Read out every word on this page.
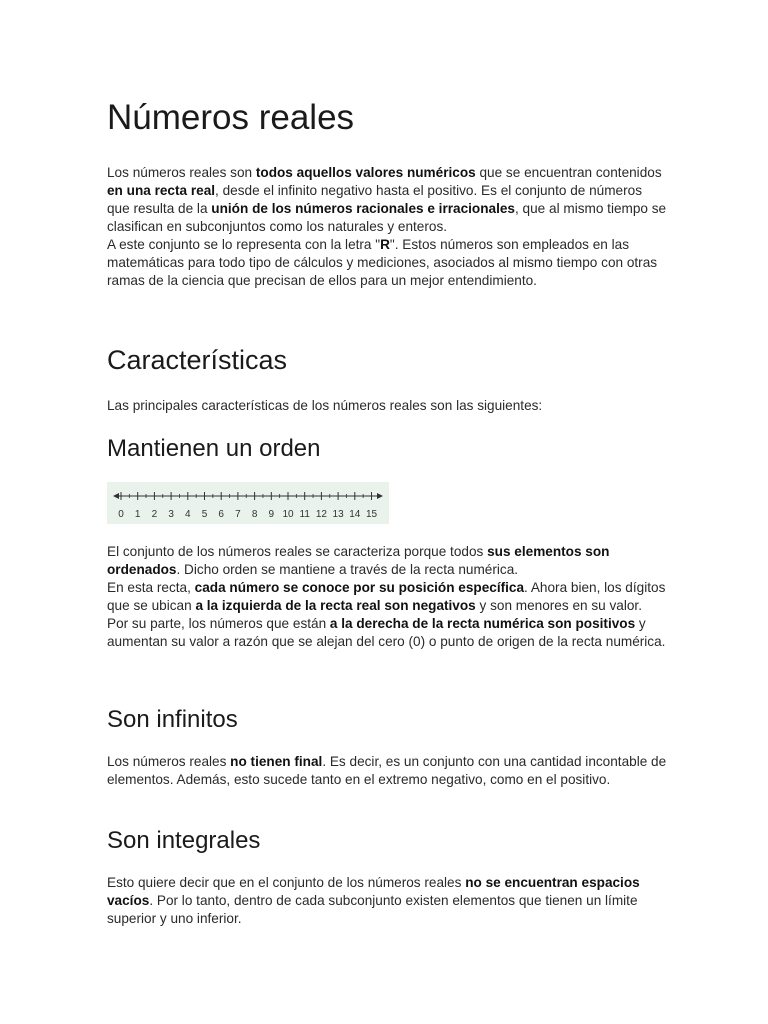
Números reales

Los números reales son todos aquellos valores numéricos que se encuentran contenidos en una recta real, desde el infinito negativo hasta el positivo. Es el conjunto de números que resulta de la unión de los números racionales e irracionales, que al mismo tiempo se clasifican en subconjuntos como los naturales y enteros.

A este conjunto se lo representa con la letra "R". Estos números son empleados en las matemáticas para todo tipo de cálculos y mediciones, asociados al mismo tiempo con otras ramas de la ciencia que precisan de ellos para un mejor entendimiento.

Características

Las principales características de los números reales son las siguientes:

Mantienen un orden
0 1 2 3 4 5 6 7 8 9 10 11 12 13 14 15

El conjunto de los números reales se caracteriza porque todos sus elementos son ordenados. Dicho orden se mantiene a través de la recta numérica.

En esta recta, cada número se conoce por su posición específica. Ahora bien, los dígitos que se ubican a la izquierda de la recta real son negativos y son menores en su valor.

Por su parte, los números que están a la derecha de la recta numérica son positivos y aumentan su valor a razón que se alejan del cero (0) o punto de origen de la recta numérica.

Son infinitos

Los números reales no tienen final. Es decir, es un conjunto con una cantidad incontable de elementos. Además, esto sucede tanto en el extremo negativo, como en el positivo.

Son integrales

Esto quiere decir que en el conjunto de los números reales no se encuentran espacios vacíos. Por lo tanto, dentro de cada subconjunto existen elementos que tienen un límite superior y uno inferior.
